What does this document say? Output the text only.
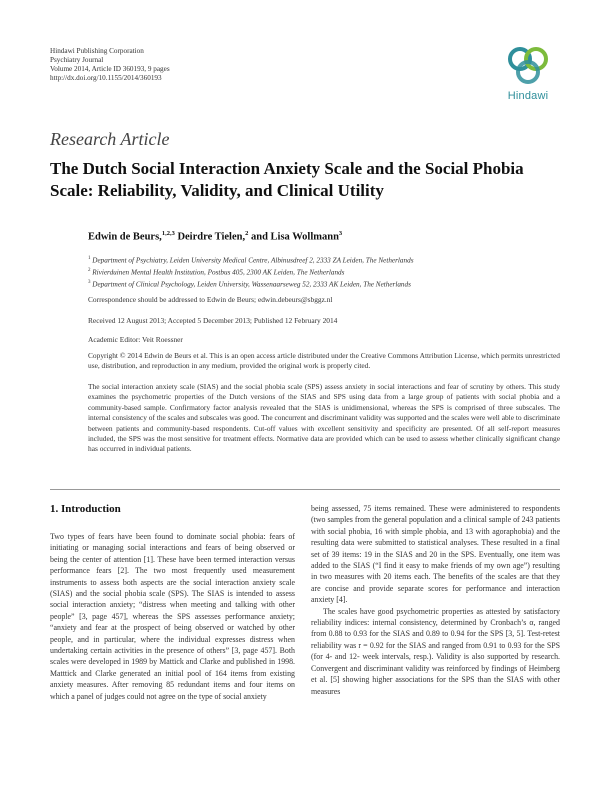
Hindawi Publishing Corporation
Psychiatry Journal
Volume 2014, Article ID 360193, 9 pages
http://dx.doi.org/10.1155/2014/360193
Hindawi
Research Article
The Dutch Social Interaction Anxiety Scale and the Social Phobia Scale: Reliability, Validity, and Clinical Utility
Edwin de Beurs,$^{1,2,3}$ Deirdre Tielen,$^2$ and Lisa Wollmann$^3$
$^1$ Department of Psychiatry, Leiden University Medical Centre, Albinusdreef 2, 2333 ZA Leiden, The Netherlands
$^2$ Rivierduinen Mental Health Institution, Postbus 405, 2300 AK Leiden, The Netherlands
$^3$ Department of Clinical Psychology, Leiden University, Wassenaarseweg 52, 2333 AK Leiden, The Netherlands
Correspondence should be addressed to Edwin de Beurs; edwin.debeurs@sbggz.nl
Received 12 August 2013; Accepted 5 December 2013; Published 12 February 2014
Academic Editor: Veit Roessner
Copyright © 2014 Edwin de Beurs et al. This is an open access article distributed under the Creative Commons Attribution License, which permits unrestricted use, distribution, and reproduction in any medium, provided the original work is properly cited.
The social interaction anxiety scale (SIAS) and the social phobia scale (SPS) assess anxiety in social interactions and fear of scrutiny by others. This study examines the psychometric properties of the Dutch versions of the SIAS and SPS using data from a large group of patients with social phobia and a community-based sample. Confirmatory factor analysis revealed that the SIAS is unidimensional, whereas the SPS is comprised of three subscales. The internal consistency of the scales and subscales was good. The concurrent and discriminant validity was supported and the scales were well able to discriminate between patients and community-based respondents. Cut-off values with excellent sensitivity and specificity are presented. Of all self-report measures included, the SPS was the most sensitive for treatment effects. Normative data are provided which can be used to assess whether clinically significant change has occurred in individual patients.
1. Introduction

Two types of fears have been found to dominate social phobia: fears of initiating or managing social interactions and fears of being observed or being the center of attention [1]. These have been termed interaction versus performance fears [2]. The two most frequently used measurement instruments to assess both aspects are the social interaction anxiety scale (SIAS) and the social phobia scale (SPS). The SIAS is intended to assess social interaction anxiety; “distress when meeting and talking with other people” [3, page 457], whereas the SPS assesses performance anxiety; “anxiety and fear at the prospect of being observed or watched by other people, and in particular, where the individual expresses distress when undertaking certain activities in the presence of others” [3, page 457]. Both scales were developed in 1989 by Mattick and Clarke and published in 1998. Matttick and Clarke generated an initial pool of 164 items from existing anxiety measures. After removing 85 redundant items and four items on which a panel of judges could not agree on the type of social anxiety

being assessed, 75 items remained. These were administered to respondents (two samples from the general population and a clinical sample of 243 patients with social phobia, 16 with simple phobia, and 13 with agoraphobia) and the resulting data were submitted to statistical analyses. These resulted in a final set of 39 items: 19 in the SIAS and 20 in the SPS. Eventually, one item was added to the SIAS (“I find it easy to make friends of my own age”) resulting in two measures with 20 items each. The benefits of the scales are that they are concise and provide separate scores for performance and interaction anxiety [4].

The scales have good psychometric properties as attested by satisfactory reliability indices: internal consistency, determined by Cronbach’s α, ranged from 0.88 to 0.93 for the SIAS and 0.89 to 0.94 for the SPS [3, 5]. Test-retest reliability was r = 0.92 for the SIAS and ranged from 0.91 to 0.93 for the SPS (for 4- and 12- week intervals, resp.). Validity is also supported by research. Convergent and discriminant validity was reinforced by findings of Heimberg et al. [5] showing higher associations for the SPS than the SIAS with other measures
